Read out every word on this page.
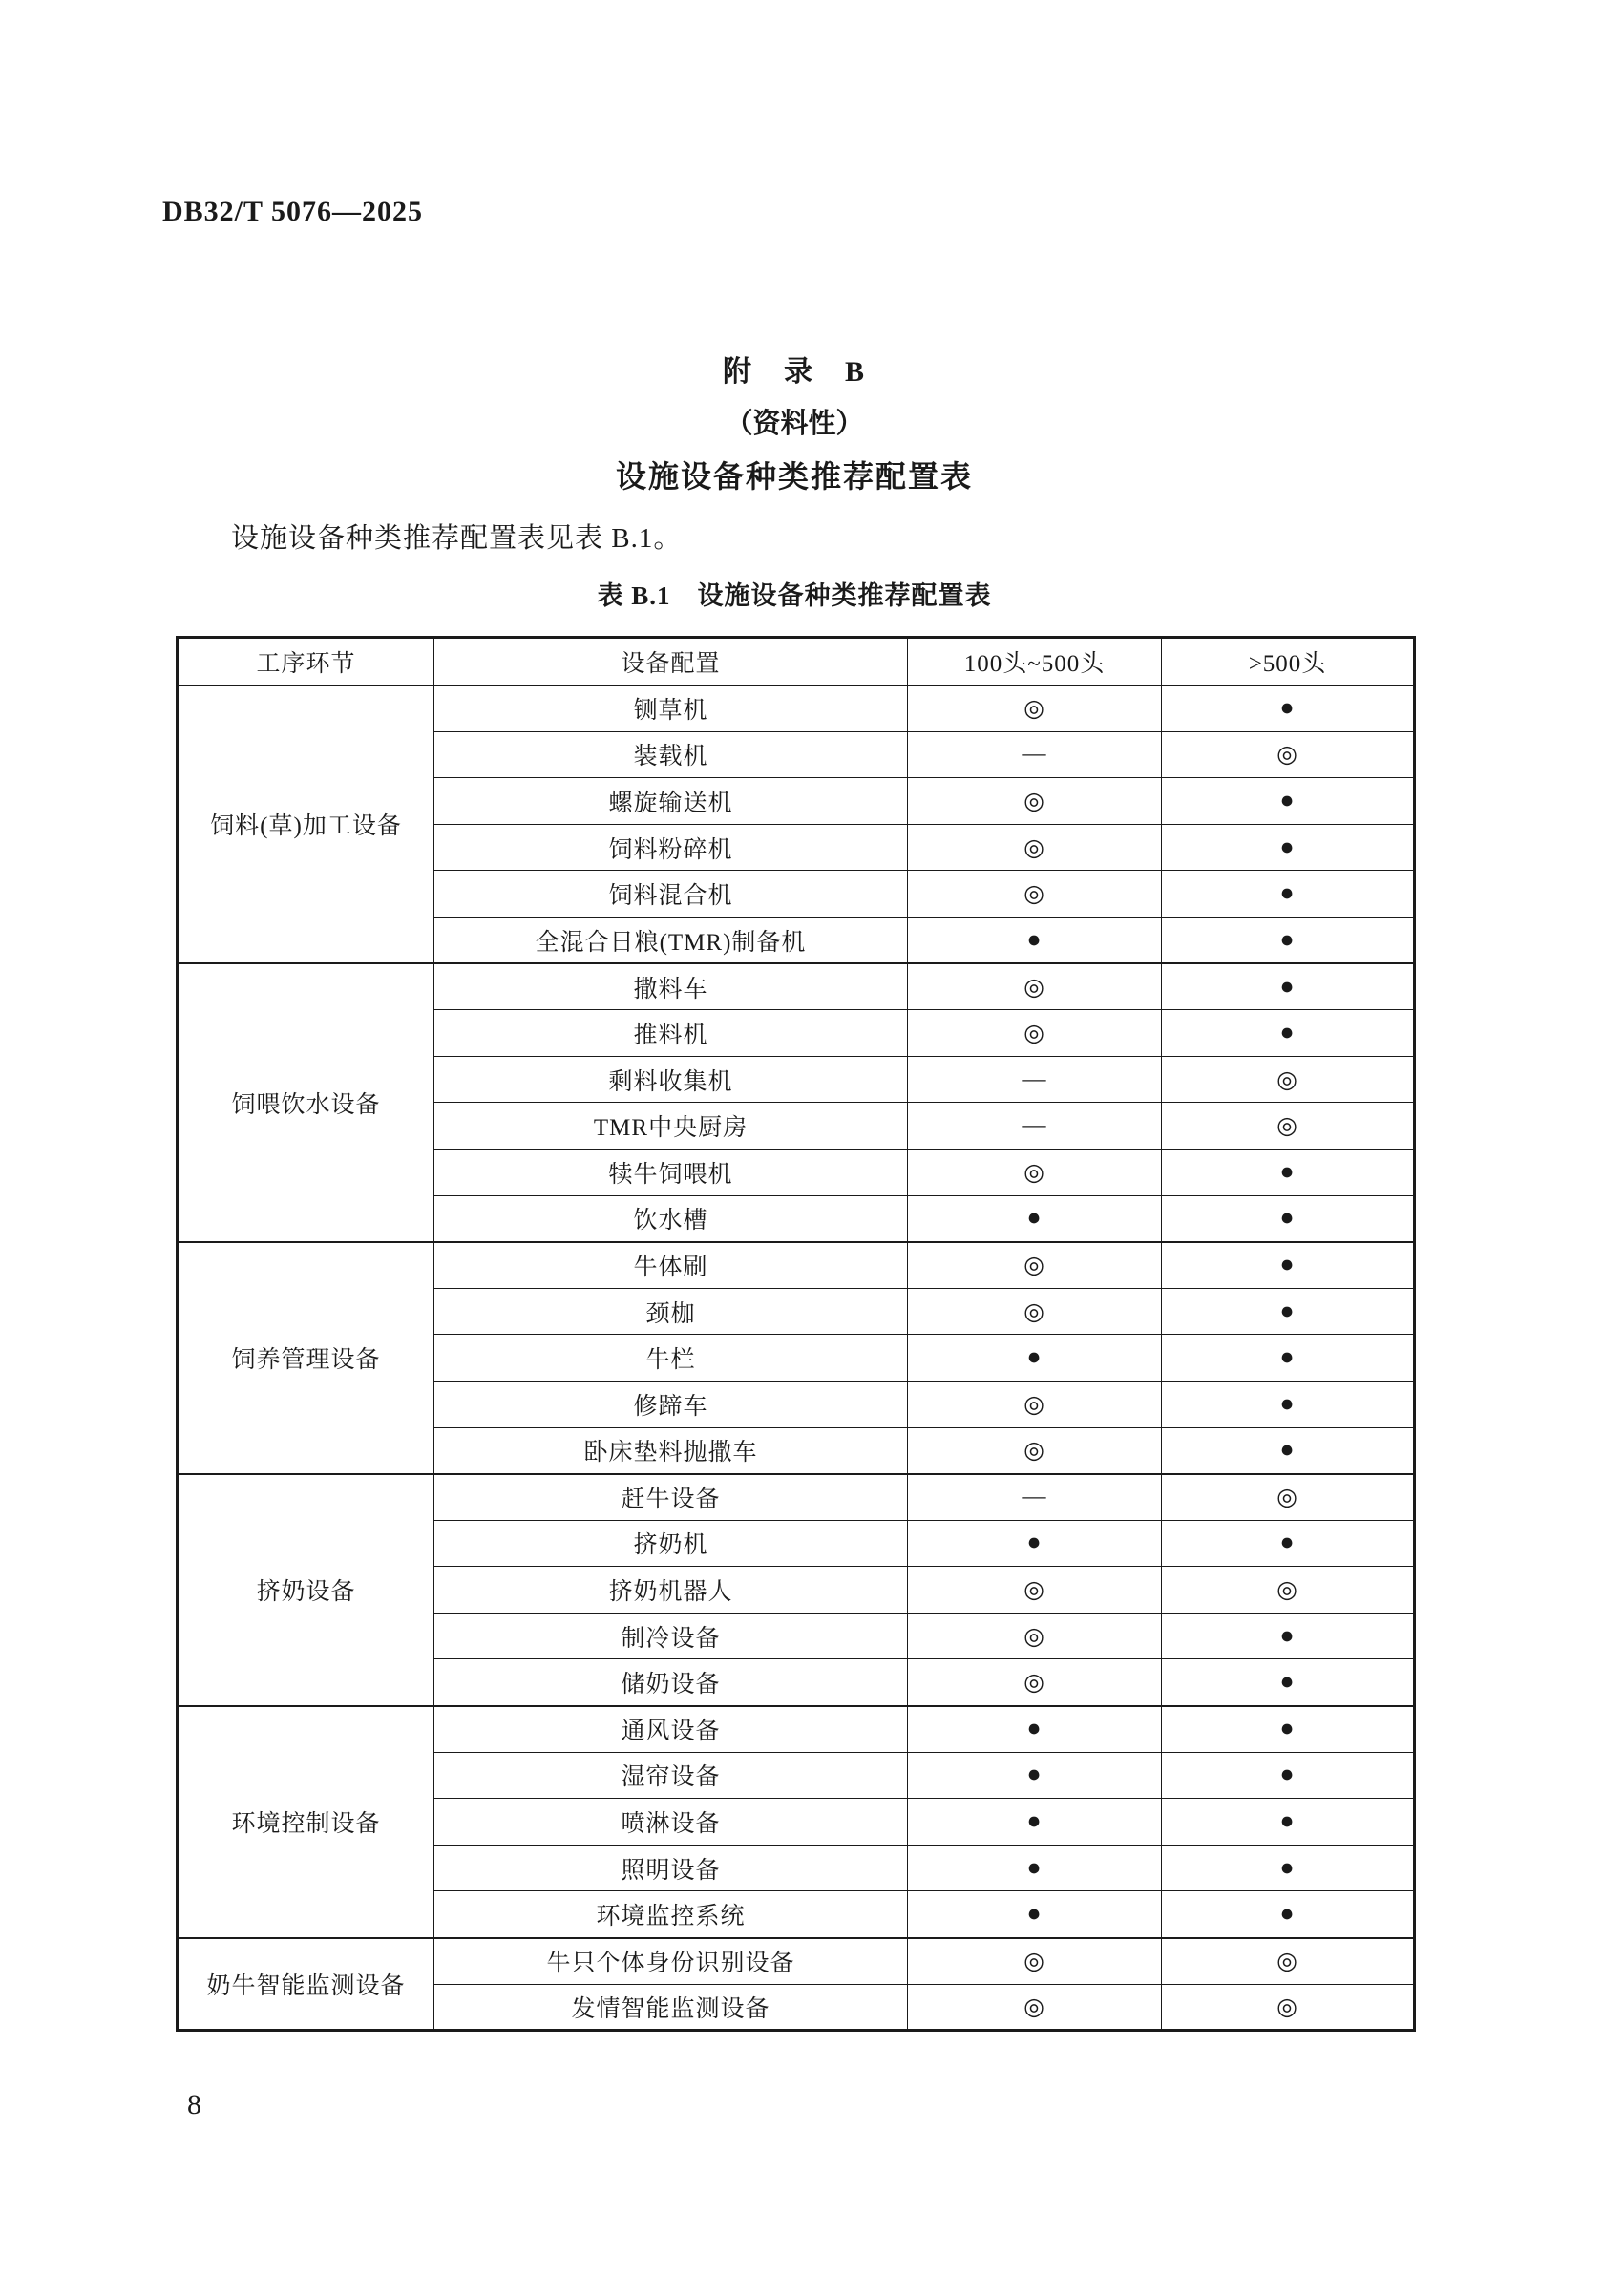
DB32/T 5076—2025
附　录　B
（资料性）
设施设备种类推荐配置表

设施设备种类推荐配置表见表 B.1。

表 B.1　设施设备种类推荐配置表
工序环节	设备配置	100头~500头	>500头
饲料(草)加工设备	铡草机	◎	●
	装载机	—	◎
	螺旋输送机	◎	●
	饲料粉碎机	◎	●
	饲料混合机	◎	●
	全混合日粮(TMR)制备机	●	●
饲喂饮水设备	撒料车	◎	●
	推料机	◎	●
	剩料收集机	—	◎
	TMR中央厨房	—	◎
	犊牛饲喂机	◎	●
	饮水槽	●	●
饲养管理设备	牛体刷	◎	●
	颈枷	◎	●
	牛栏	●	●
	修蹄车	◎	●
	卧床垫料抛撒车	◎	●
挤奶设备	赶牛设备	—	◎
	挤奶机	●	●
	挤奶机器人	◎	◎
	制冷设备	◎	●
	储奶设备	◎	●
环境控制设备	通风设备	●	●
	湿帘设备	●	●
	喷淋设备	●	●
	照明设备	●	●
	环境监控系统	●	●
奶牛智能监测设备	牛只个体身份识别设备	◎	◎
	发情智能监测设备	◎	◎
8
